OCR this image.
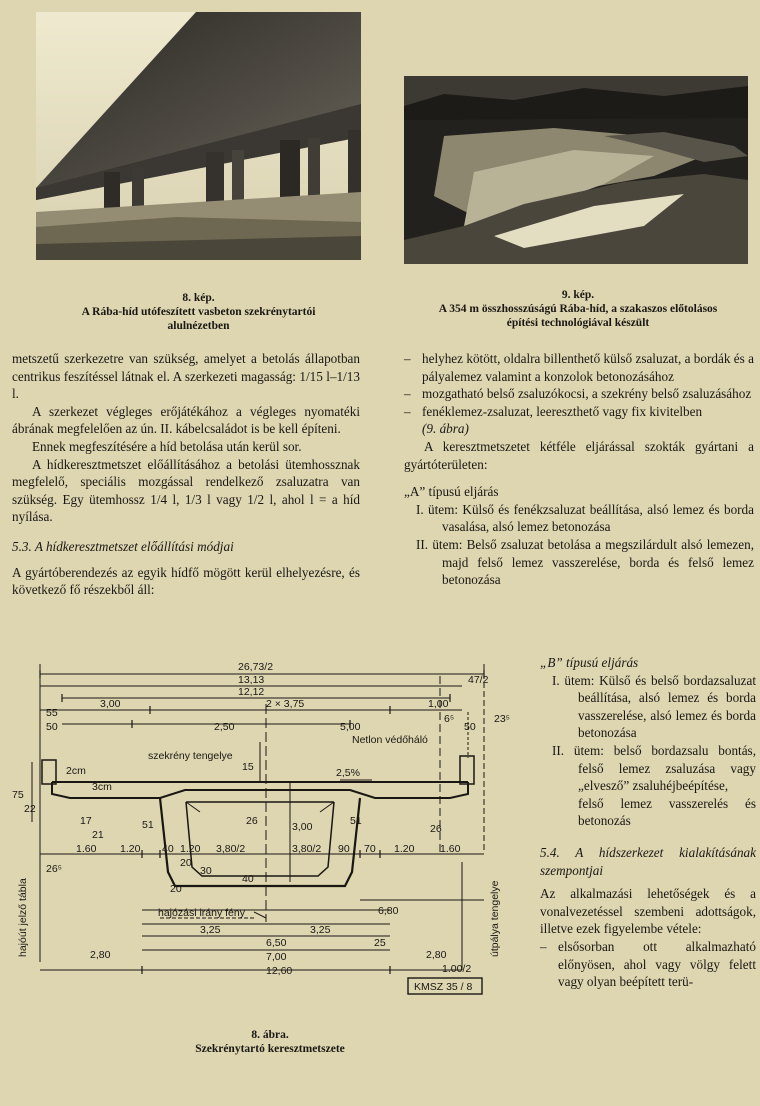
8. kép.
A Rába-híd utófeszített vasbeton szekrénytartói
alulnézetben
9. kép.
A 354 m összhosszúságú Rába-híd, a szakaszos előtolásos
építési technológiával készült

metszetű szerkezetre van szükség, amelyet a betolás állapotban centrikus feszítéssel látnak el. A szerkezeti magasság: 1/15 l–1/13 l.

A szerkezet végleges erőjátékához a végleges nyomatéki ábrának megfelelően az ún. II. kábelcsaládot is be kell építeni.

Ennek megfeszítésére a híd betolása után kerül sor.

A hídkeresztmetszet előállításához a betolási ütemhossznak megfelelő, speciális mozgással rendelkező zsaluzatra van szükség. Egy ütemhossz 1/4 l, 1/3 l vagy 1/2 l, ahol l = a híd nyílása.

5.3. A hídkeresztmetszet előállítási módjai

A gyártóberendezés az egyik hídfő mögött kerül elhelyezésre, és következő fő részekből áll:

– helyhez kötött, oldalra billenthető külső zsaluzat, a bordák és a pályalemez valamint a konzolok betonozásához

– mozgatható belső zsaluzókocsi, a szekrény belső zsaluzásához

– fenéklemez-zsaluzat, leereszthető vagy fix kivitelben
(9. ábra)

A keresztmetszetet kétféle eljárással szokták gyártani a gyártóterületen:

„A” típusú eljárás

I. ütem: Külső és fenékzsaluzat beállítása, alsó lemez és borda vasalása, alsó lemez betonozása

II. ütem: Belső zsaluzat betolása a megszilárdult alsó lemezen, majd felső lemez vasszerelése, borda és felső lemez betonozása

„B” típusú eljárás

I. ütem: Külső és belső bordazsaluzat beállítása, alsó lemez és borda vasszerelése, alsó lemez és borda betonozása

II. ütem: belső bordazsalu bontás, felső lemez zsaluzása vagy „elvesző” zsaluhéjbeépítése,

felső lemez vasszerelés és betonozás

5.4. A hídszerkezet kialakításának szempontjai

Az alkalmazási lehetőségek és a vonalvezetéssel szembeni adottságok, illetve ezek figyelembe vétele:

– elsősorban ott alkalmazható előnyösen, ahol vagy völgy felett vagy olyan beépített terü-

26,73/2
13,13
12,12
47/2
3,00	2 × 3,75	1,00
55	23⁵
50
6⁵
50
2,50	5,00
Netlon védőháló
szekrény tengelye
15	2,5%
2cm
3cm
75
22
17
21
51	26	51
26
3,00
1.60 1.20 40 1.20 3,80/2	3,80/2 90 70 1.20 1.60
26⁵	20
30
40
20
hajóút jelző tábla	útpálya tengelye
hajózási irány fény	6,80
3,25	3,25
2,80
6,50
7,00
12,60
25
2,80
1.00/2
KMSZ 35 / 8
8. ábra.
Szekrénytartó keresztmetszete
